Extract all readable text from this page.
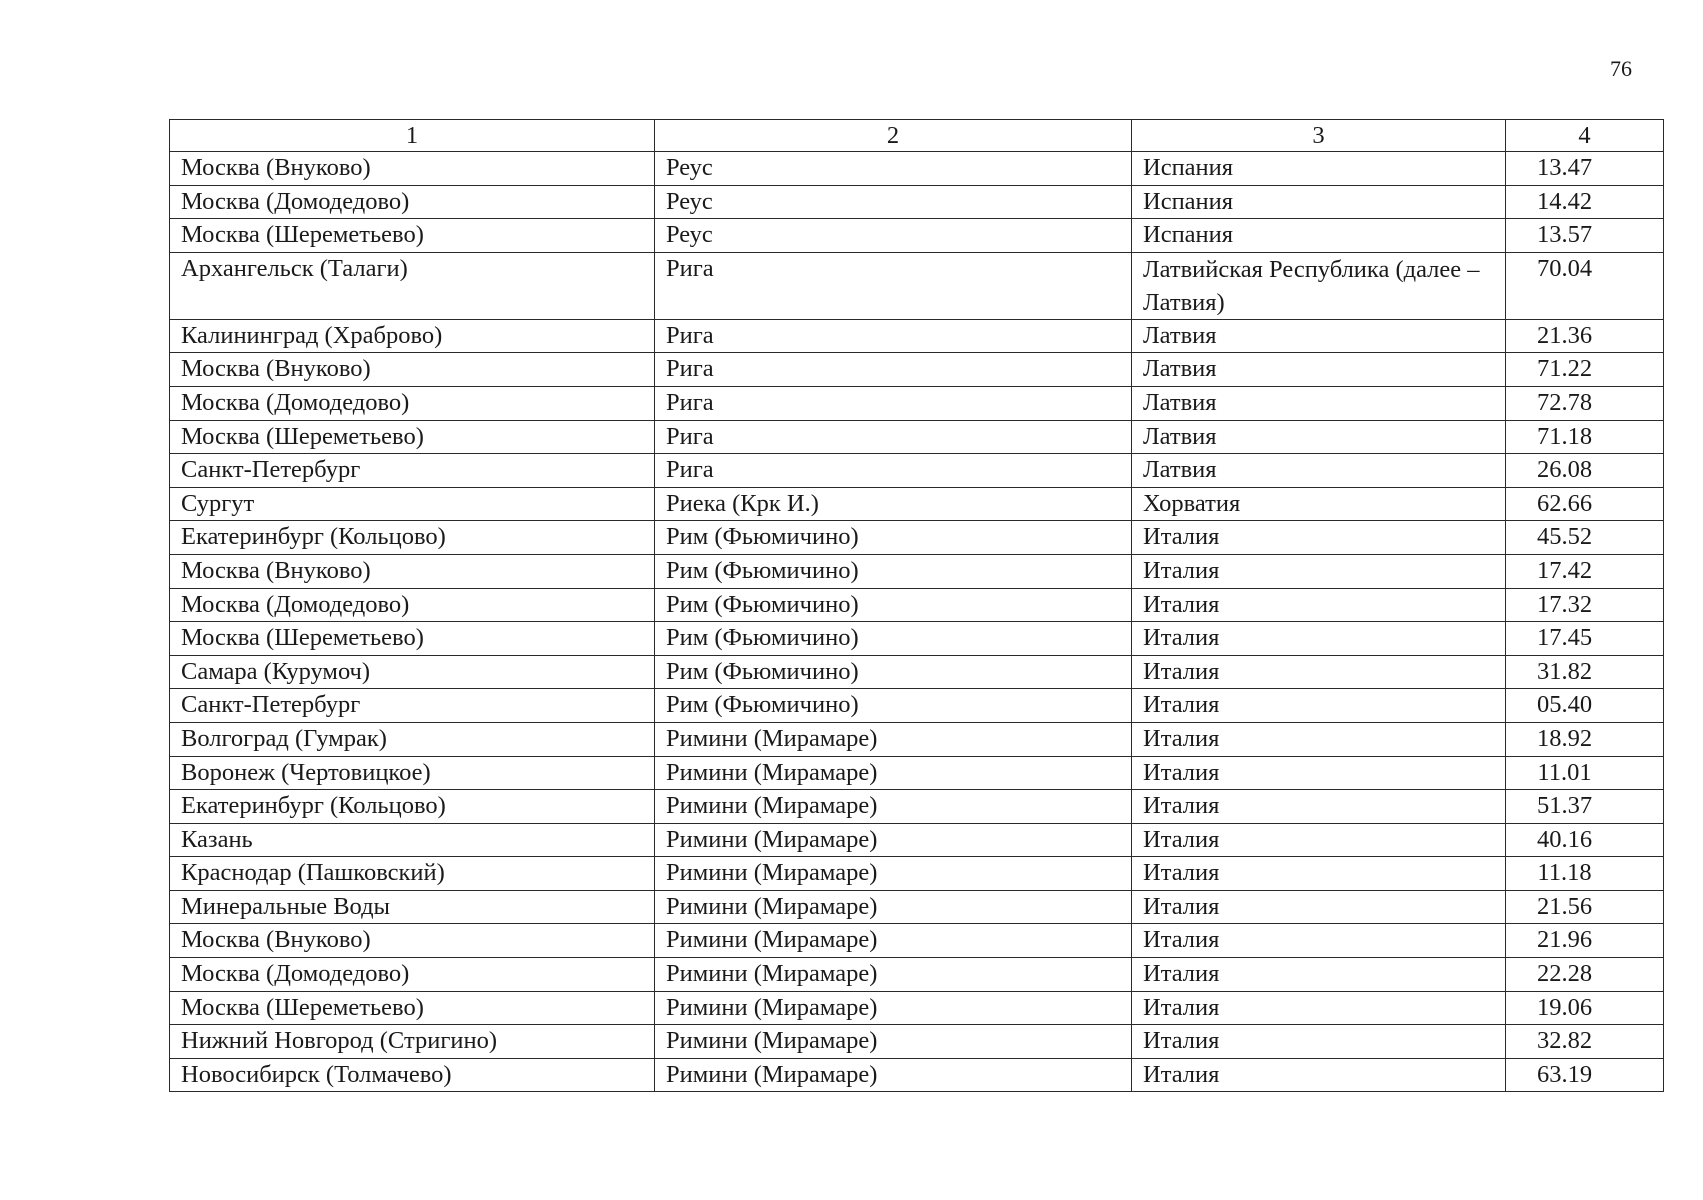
76
1	2	3	4
Москва (Внуково)	Реус	Испания	13.47
Москва (Домодедово)	Реус	Испания	14.42
Москва (Шереметьево)	Реус	Испания	13.57
Архангельск (Талаги)	Рига	Латвийская Республика (далее – Латвия)	70.04
Калининград (Храброво)	Рига	Латвия	21.36
Москва (Внуково)	Рига	Латвия	71.22
Москва (Домодедово)	Рига	Латвия	72.78
Москва (Шереметьево)	Рига	Латвия	71.18
Санкт-Петербург	Рига	Латвия	26.08
Сургут	Риека (Крк И.)	Хорватия	62.66
Екатеринбург (Кольцово)	Рим (Фьюмичино)	Италия	45.52
Москва (Внуково)	Рим (Фьюмичино)	Италия	17.42
Москва (Домодедово)	Рим (Фьюмичино)	Италия	17.32
Москва (Шереметьево)	Рим (Фьюмичино)	Италия	17.45
Самара (Курумоч)	Рим (Фьюмичино)	Италия	31.82
Санкт-Петербург	Рим (Фьюмичино)	Италия	05.40
Волгоград (Гумрак)	Римини (Мирамаре)	Италия	18.92
Воронеж (Чертовицкое)	Римини (Мирамаре)	Италия	11.01
Екатеринбург (Кольцово)	Римини (Мирамаре)	Италия	51.37
Казань	Римини (Мирамаре)	Италия	40.16
Краснодар (Пашковский)	Римини (Мирамаре)	Италия	11.18
Минеральные Воды	Римини (Мирамаре)	Италия	21.56
Москва (Внуково)	Римини (Мирамаре)	Италия	21.96
Москва (Домодедово)	Римини (Мирамаре)	Италия	22.28
Москва (Шереметьево)	Римини (Мирамаре)	Италия	19.06
Нижний Новгород (Стригино)	Римини (Мирамаре)	Италия	32.82
Новосибирск (Толмачево)	Римини (Мирамаре)	Италия	63.19
